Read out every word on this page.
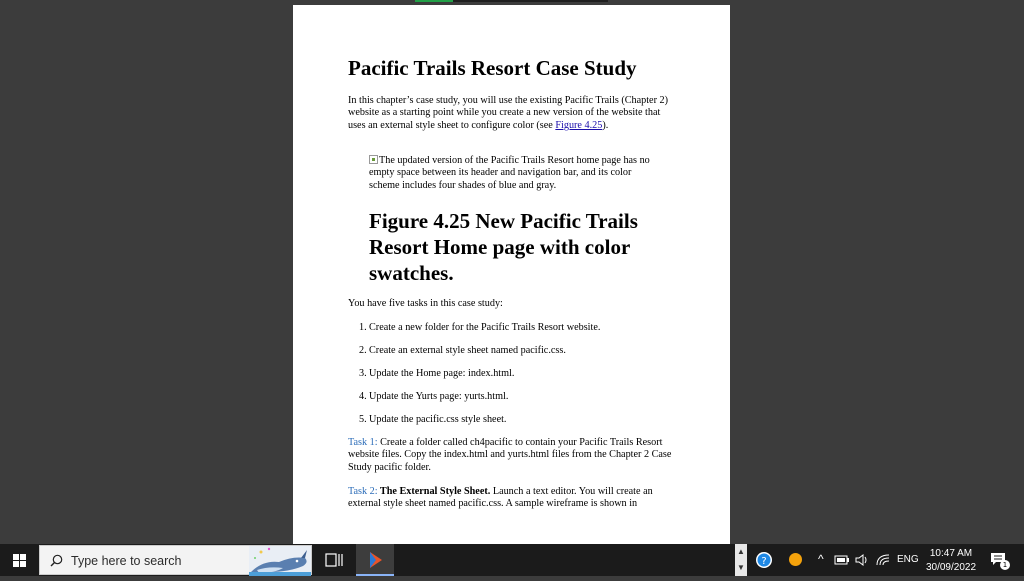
Pacific Trails Resort Case Study
In this chapter’s case study, you will use the existing Pacific Trails (Chapter 2) website as a starting point while you create a new version of the website that uses an external style sheet to configure color (see Figure 4.25).
The updated version of the Pacific Trails Resort home page has no empty space between its header and navigation bar, and its color scheme includes four shades of blue and gray.
Figure 4.25 New Pacific Trails Resort Home page with color swatches.
You have five tasks in this case study:
1. Create a new folder for the Pacific Trails Resort website.
2. Create an external style sheet named pacific.css.
3. Update the Home page: index.html.
4. Update the Yurts page: yurts.html.
5. Update the pacific.css style sheet.
Task 1: Create a folder called ch4pacific to contain your Pacific Trails Resort website files. Copy the index.html and yurts.html files from the Chapter 2 Case Study pacific folder.
Task 2: The External Style Sheet. Launch a text editor. You will create an external style sheet named pacific.css. A sample wireframe is shown in
Type here to search
▲
▼
?	^	ENG
10:47 AM
30/09/2022	1
